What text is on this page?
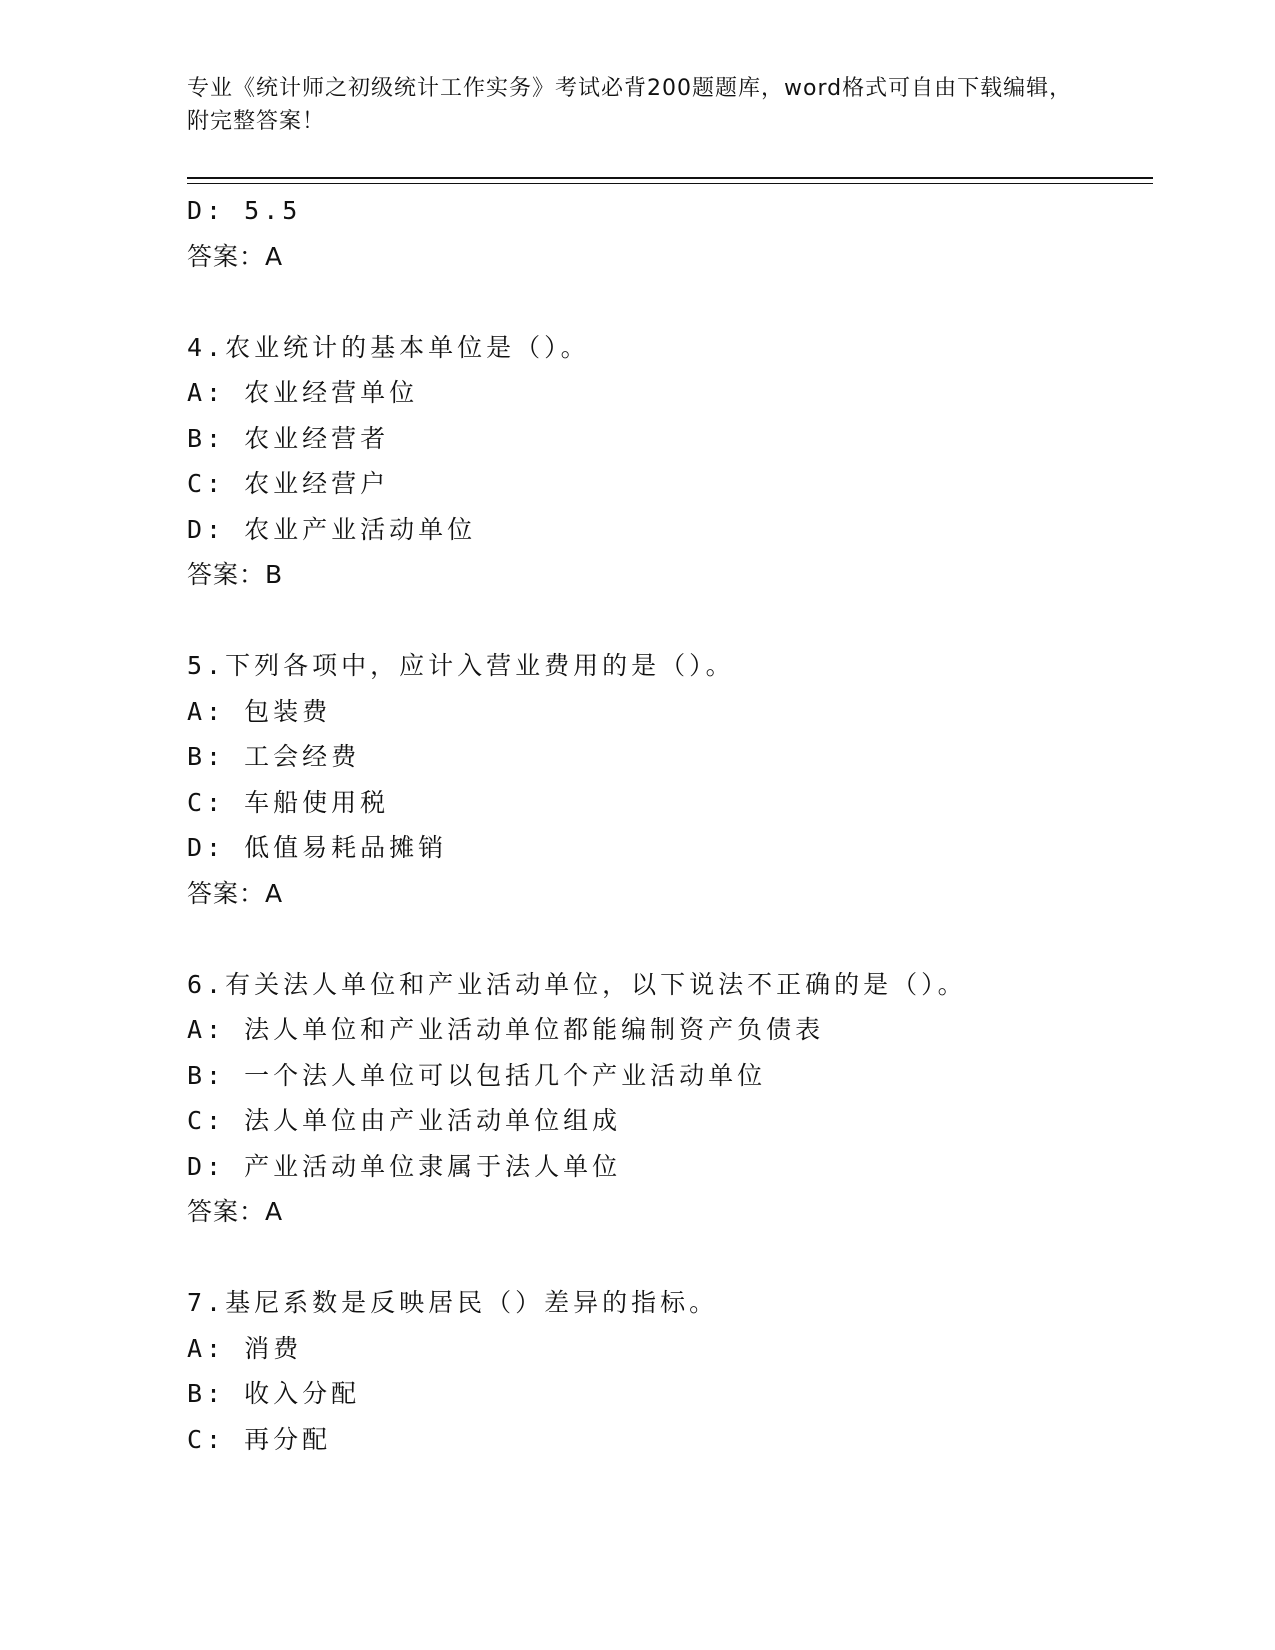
专业《统计师之初级统计工作实务》考试必背200题题库，word格式可自由下载编辑，附完整答案！
D: 5.5
答案：A
4.农业统计的基本单位是（）。
A: 农业经营单位
B: 农业经营者
C: 农业经营户
D: 农业产业活动单位
答案：B
5.下列各项中，应计入营业费用的是（）。
A: 包装费
B: 工会经费
C: 车船使用税
D: 低值易耗品摊销
答案：A
6.有关法人单位和产业活动单位，以下说法不正确的是（）。
A: 法人单位和产业活动单位都能编制资产负债表
B: 一个法人单位可以包括几个产业活动单位
C: 法人单位由产业活动单位组成
D: 产业活动单位隶属于法人单位
答案：A
7.基尼系数是反映居民（）差异的指标。
A: 消费
B: 收入分配
C: 再分配
